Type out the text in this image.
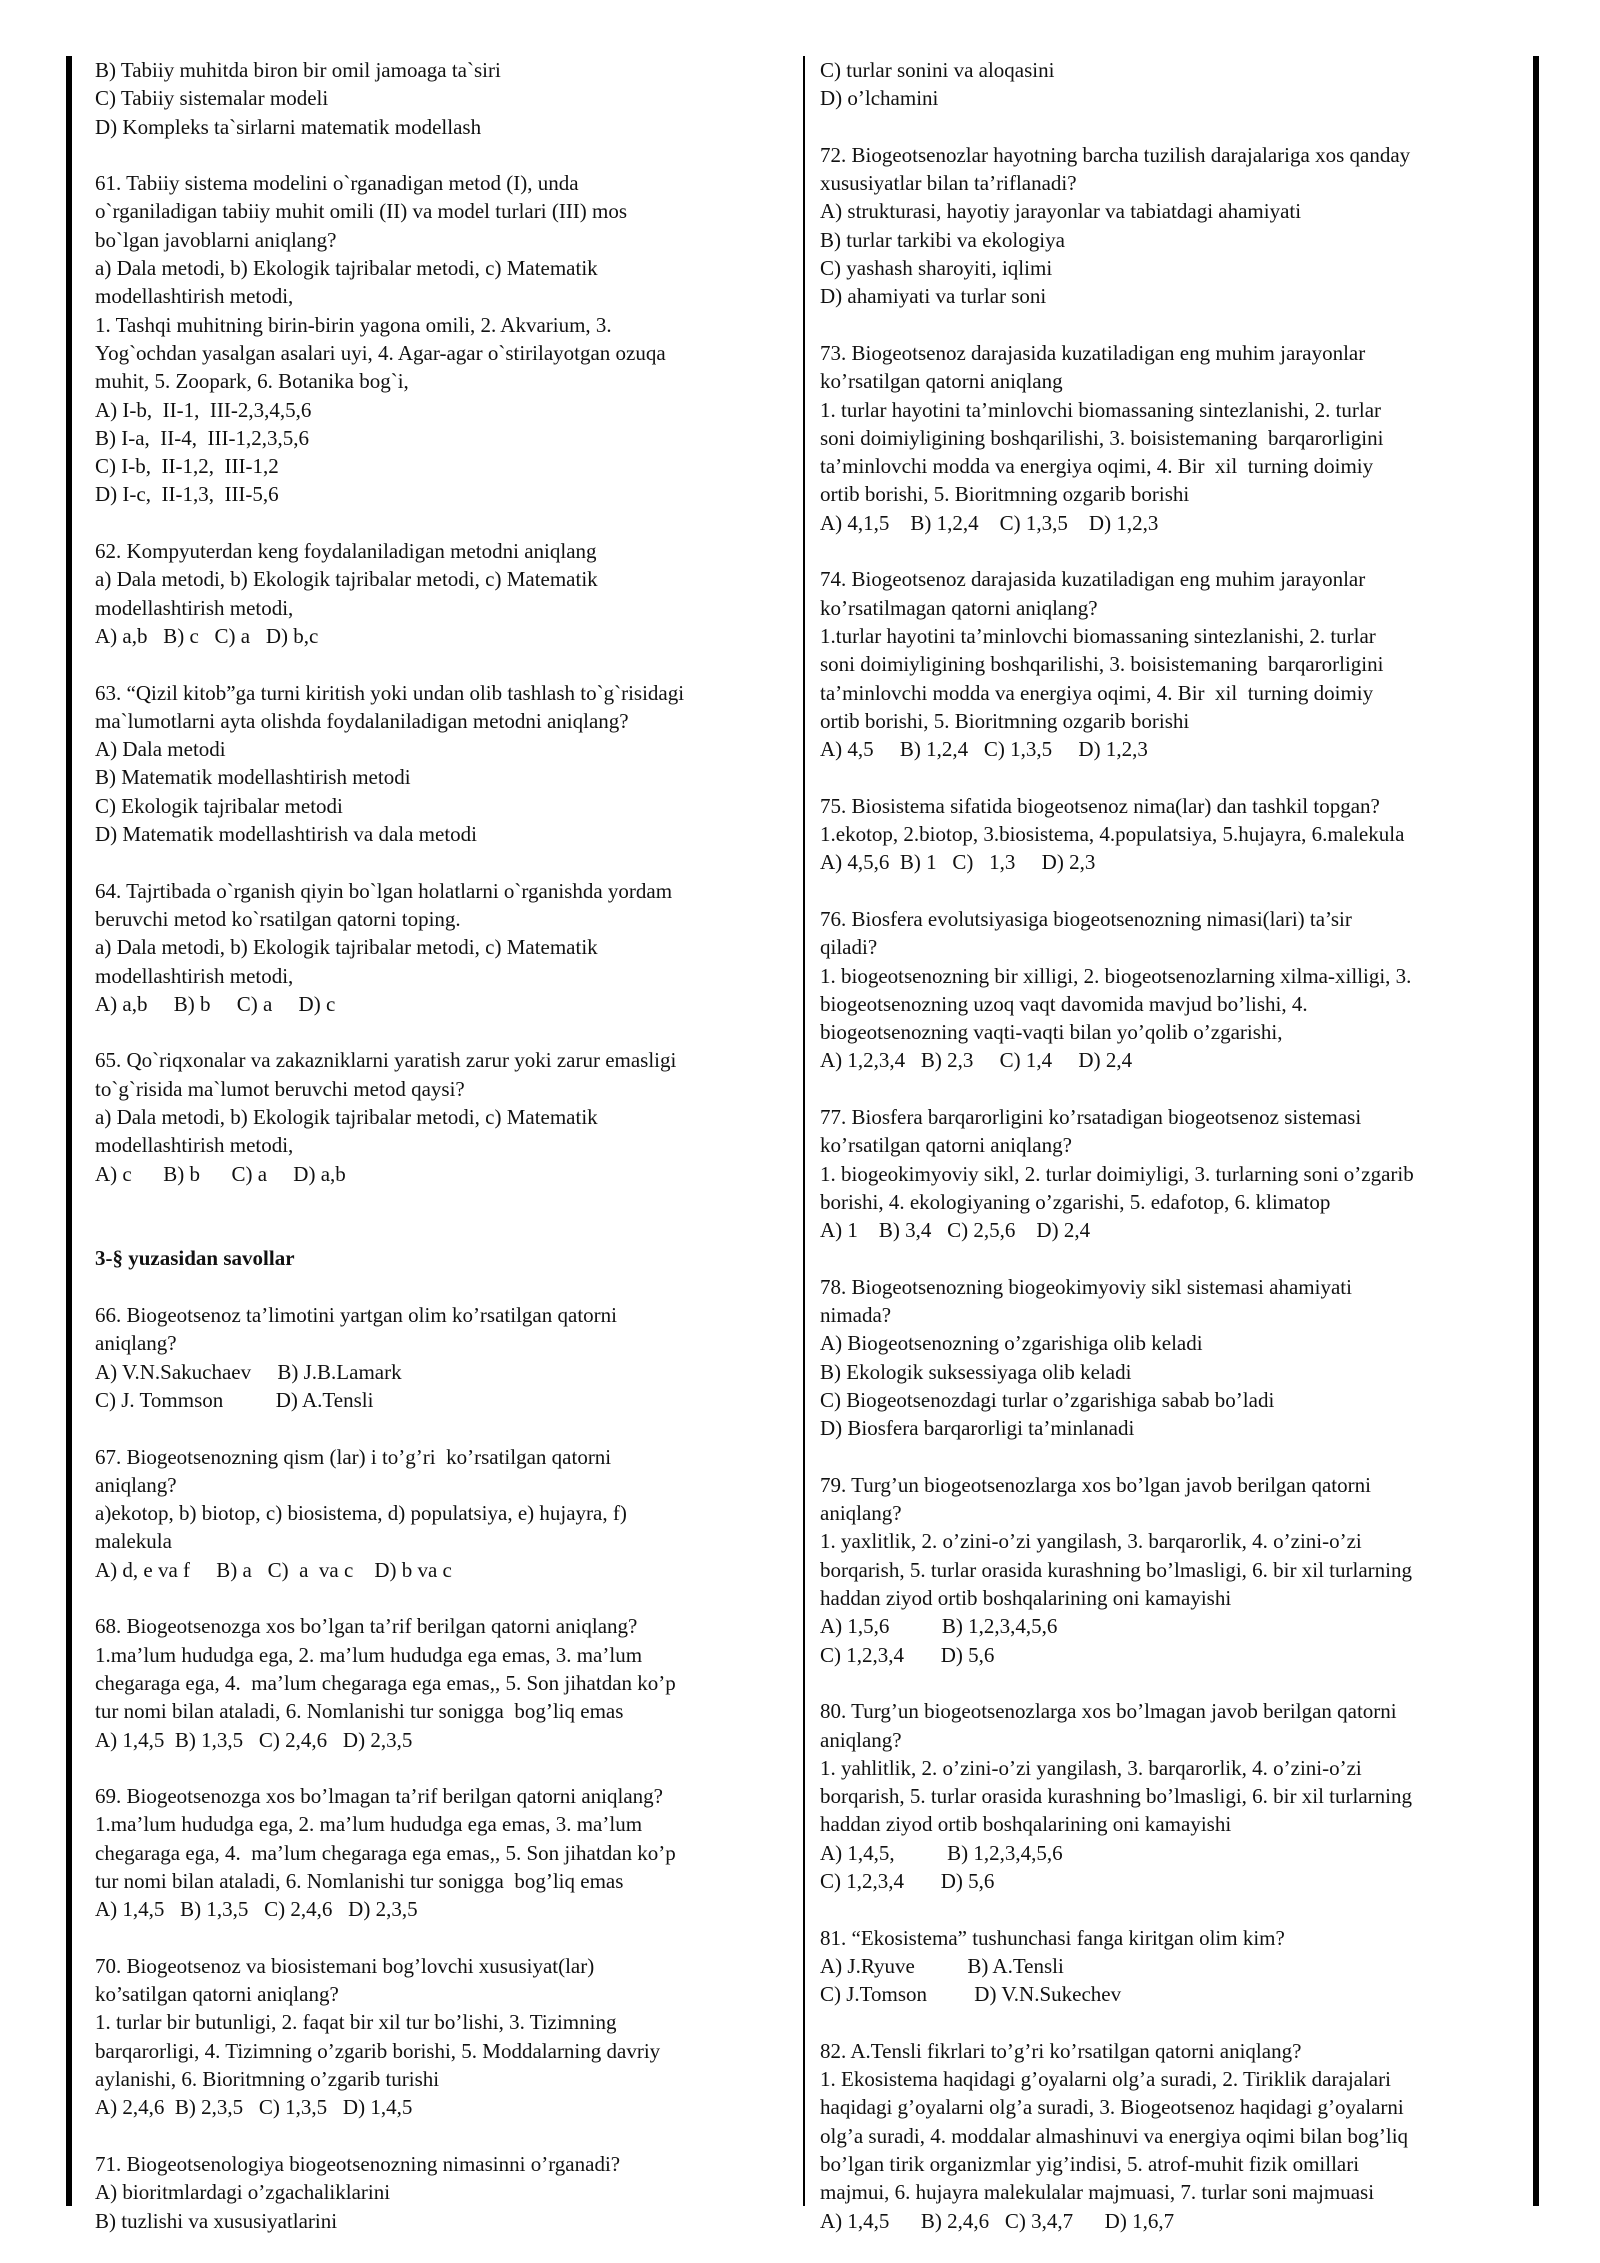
B) Tabiiy muhitda biron bir omil jamoaga ta`siri

C) Tabiiy sistemalar modeli

D) Kompleks ta`sirlarni matematik modellash

61. Tabiiy sistema modelini o`rganadigan metod (I), unda

o`rganiladigan tabiiy muhit omili (II) va model turlari (III) mos

bo`lgan javoblarni aniqlang?

a) Dala metodi, b) Ekologik tajribalar metodi, c) Matematik

modellashtirish metodi,

1. Tashqi muhitning birin-birin yagona omili, 2. Akvarium, 3.

Yog`ochdan yasalgan asalari uyi, 4. Agar-agar o`stirilayotgan ozuqa

muhit, 5. Zoopark, 6. Botanika bog`i,

A) I-b,  II-1,  III-2,3,4,5,6

B) I-a,  II-4,  III-1,2,3,5,6

C) I-b,  II-1,2,  III-1,2

D) I-c,  II-1,3,  III-5,6

62. Kompyuterdan keng foydalaniladigan metodni aniqlang

a) Dala metodi, b) Ekologik tajribalar metodi, c) Matematik

modellashtirish metodi,

A) a,b   B) c   C) a   D) b,c

63. “Qizil kitob”ga turni kiritish yoki undan olib tashlash to`g`risidagi

ma`lumotlarni ayta olishda foydalaniladigan metodni aniqlang?

A) Dala metodi

B) Matematik modellashtirish metodi

C) Ekologik tajribalar metodi

D) Matematik modellashtirish va dala metodi

64. Tajrtibada o`rganish qiyin bo`lgan holatlarni o`rganishda yordam

beruvchi metod ko`rsatilgan qatorni toping.

a) Dala metodi, b) Ekologik tajribalar metodi, c) Matematik

modellashtirish metodi,

A) a,b     B) b     C) a     D) c

65. Qo`riqxonalar va zakazniklarni yaratish zarur yoki zarur emasligi

to`g`risida ma`lumot beruvchi metod qaysi?

a) Dala metodi, b) Ekologik tajribalar metodi, c) Matematik

modellashtirish metodi,

A) c      B) b      C) a     D) a,b

3-§ yuzasidan savollar

66. Biogeotsenoz ta’limotini yartgan olim ko’rsatilgan qatorni

aniqlang?

A) V.N.Sakuchaev     B) J.B.Lamark

C) J. Tommson          D) A.Tensli

67. Biogeotsenozning qism (lar) i to’g’ri  ko’rsatilgan qatorni

aniqlang?

a)ekotop, b) biotop, c) biosistema, d) populatsiya, e) hujayra, f)

malekula

A) d, e va f     B) a   C)  a  va c    D) b va c

68. Biogeotsenozga xos bo’lgan ta’rif berilgan qatorni aniqlang?

1.ma’lum hududga ega, 2. ma’lum hududga ega emas, 3. ma’lum

chegaraga ega, 4.  ma’lum chegaraga ega emas,, 5. Son jihatdan ko’p

tur nomi bilan ataladi, 6. Nomlanishi tur sonigga  bog’liq emas

A) 1,4,5  B) 1,3,5   C) 2,4,6   D) 2,3,5

69. Biogeotsenozga xos bo’lmagan ta’rif berilgan qatorni aniqlang?

1.ma’lum hududga ega, 2. ma’lum hududga ega emas, 3. ma’lum

chegaraga ega, 4.  ma’lum chegaraga ega emas,, 5. Son jihatdan ko’p

tur nomi bilan ataladi, 6. Nomlanishi tur sonigga  bog’liq emas

A) 1,4,5   B) 1,3,5   C) 2,4,6   D) 2,3,5

70. Biogeotsenoz va biosistemani bog’lovchi xususiyat(lar)

ko’satilgan qatorni aniqlang?

1. turlar bir butunligi, 2. faqat bir xil tur bo’lishi, 3. Tizimning

barqarorligi, 4. Tizimning o’zgarib borishi, 5. Moddalarning davriy

aylanishi, 6. Bioritmning o’zgarib turishi

A) 2,4,6  B) 2,3,5   C) 1,3,5   D) 1,4,5

71. Biogeotsenologiya biogeotsenozning nimasinni o’rganadi?

A) bioritmlardagi o’zgachaliklarini

B) tuzlishi va xususiyatlarini

C) turlar sonini va aloqasini

D) o’lchamini

72. Biogeotsenozlar hayotning barcha tuzilish darajalariga xos qanday

xususiyatlar bilan ta’riflanadi?

A) strukturasi, hayotiy jarayonlar va tabiatdagi ahamiyati

B) turlar tarkibi va ekologiya

C) yashash sharoyiti, iqlimi

D) ahamiyati va turlar soni

73. Biogeotsenoz darajasida kuzatiladigan eng muhim jarayonlar

ko’rsatilgan qatorni aniqlang

1. turlar hayotini ta’minlovchi biomassaning sintezlanishi, 2. turlar

soni doimiyligining boshqarilishi, 3. boisistemaning  barqarorligini

ta’minlovchi modda va energiya oqimi, 4. Bir  xil  turning doimiy

ortib borishi, 5. Bioritmning ozgarib borishi

A) 4,1,5    B) 1,2,4    C) 1,3,5    D) 1,2,3

74. Biogeotsenoz darajasida kuzatiladigan eng muhim jarayonlar

ko’rsatilmagan qatorni aniqlang?

1.turlar hayotini ta’minlovchi biomassaning sintezlanishi, 2. turlar

soni doimiyligining boshqarilishi, 3. boisistemaning  barqarorligini

ta’minlovchi modda va energiya oqimi, 4. Bir  xil  turning doimiy

ortib borishi, 5. Bioritmning ozgarib borishi

A) 4,5     B) 1,2,4   C) 1,3,5     D) 1,2,3

75. Biosistema sifatida biogeotsenoz nima(lar) dan tashkil topgan?

1.ekotop, 2.biotop, 3.biosistema, 4.populatsiya, 5.hujayra, 6.malekula

A) 4,5,6  B) 1   C)   1,3     D) 2,3

76. Biosfera evolutsiyasiga biogeotsenozning nimasi(lari) ta’sir

qiladi?

1. biogeotsenozning bir xilligi, 2. biogeotsenozlarning xilma-xilligi, 3.

biogeotsenozning uzoq vaqt davomida mavjud bo’lishi, 4.

biogeotsenozning vaqti-vaqti bilan yo’qolib o’zgarishi,

A) 1,2,3,4   B) 2,3     C) 1,4     D) 2,4

77. Biosfera barqarorligini ko’rsatadigan biogeotsenoz sistemasi

ko’rsatilgan qatorni aniqlang?

1. biogeokimyoviy sikl, 2. turlar doimiyligi, 3. turlarning soni o’zgarib

borishi, 4. ekologiyaning o’zgarishi, 5. edafotop, 6. klimatop

A) 1    B) 3,4   C) 2,5,6    D) 2,4

78. Biogeotsenozning biogeokimyoviy sikl sistemasi ahamiyati

nimada?

A) Biogeotsenozning o’zgarishiga olib keladi

B) Ekologik suksessiyaga olib keladi

C) Biogeotsenozdagi turlar o’zgarishiga sabab bo’ladi

D) Biosfera barqarorligi ta’minlanadi

79. Turg’un biogeotsenozlarga xos bo’lgan javob berilgan qatorni

aniqlang?

1. yaxlitlik, 2. o’zini-o’zi yangilash, 3. barqarorlik, 4. o’zini-o’zi

borqarish, 5. turlar orasida kurashning bo’lmasligi, 6. bir xil turlarning

haddan ziyod ortib boshqalarining oni kamayishi

A) 1,5,6          B) 1,2,3,4,5,6

C) 1,2,3,4       D) 5,6

80. Turg’un biogeotsenozlarga xos bo’lmagan javob berilgan qatorni

aniqlang?

1. yahlitlik, 2. o’zini-o’zi yangilash, 3. barqarorlik, 4. o’zini-o’zi

borqarish, 5. turlar orasida kurashning bo’lmasligi, 6. bir xil turlarning

haddan ziyod ortib boshqalarining oni kamayishi

A) 1,4,5,          B) 1,2,3,4,5,6

C) 1,2,3,4       D) 5,6

81. “Ekosistema” tushunchasi fanga kiritgan olim kim?

A) J.Ryuve          B) A.Tensli

C) J.Tomson         D) V.N.Sukechev

82. A.Tensli fikrlari to’g’ri ko’rsatilgan qatorni aniqlang?

1. Ekosistema haqidagi g’oyalarni olg’a suradi, 2. Tiriklik darajalari

haqidagi g’oyalarni olg’a suradi, 3. Biogeotsenoz haqidagi g’oyalarni

olg’a suradi, 4. moddalar almashinuvi va energiya oqimi bilan bog’liq

bo’lgan tirik organizmlar yig’indisi, 5. atrof-muhit fizik omillari

majmui, 6. hujayra malekulalar majmuasi, 7. turlar soni majmuasi

A) 1,4,5      B) 2,4,6   C) 3,4,7      D) 1,6,7
